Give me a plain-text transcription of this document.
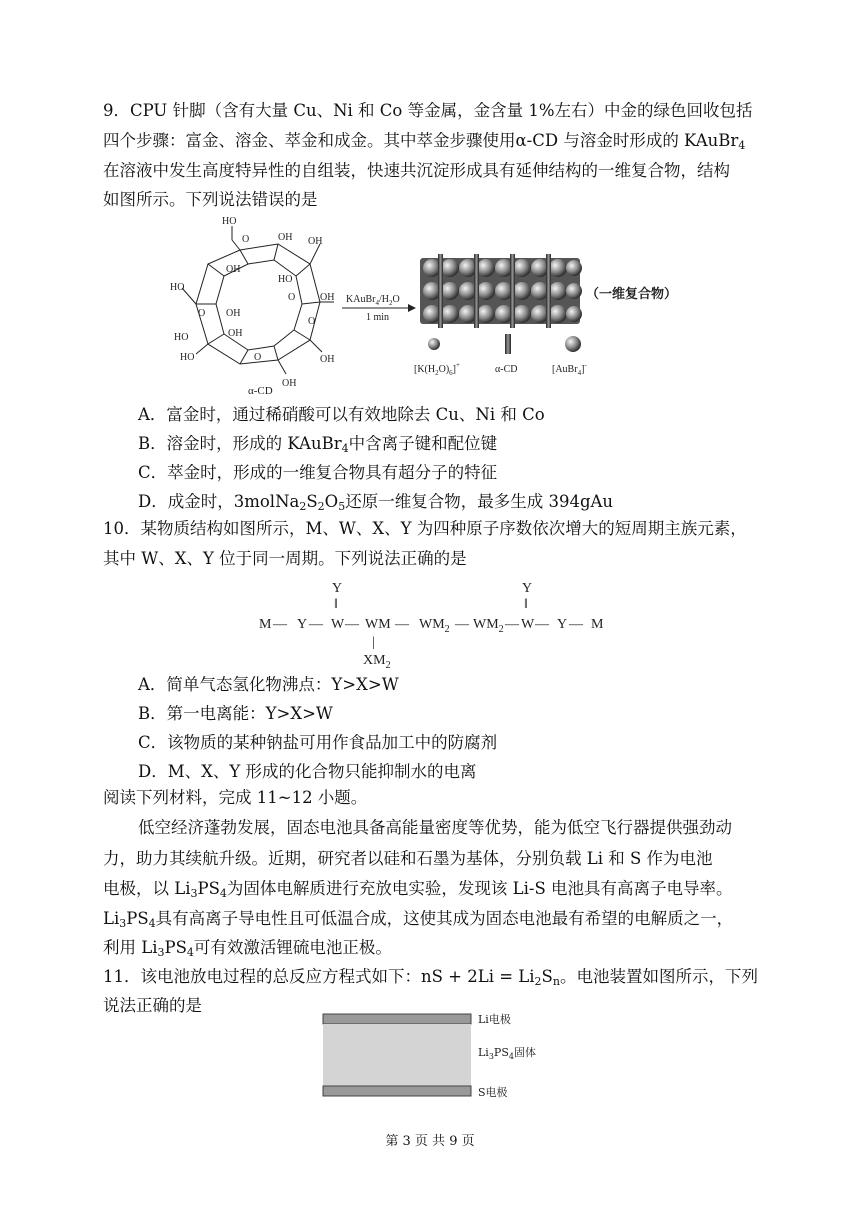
9．CPU 针脚（含有大量 Cu、Ni 和 Co 等金属，金含量 1%左右）中金的绿色回收包括
四个步骤：富金、溶金、萃金和成金。其中萃金步骤使用α-CD 与溶金时形成的 KAuBr$_4$
在溶液中发生高度特异性的自组装，快速共沉淀形成具有延伸结构的一维复合物，结构
如图所示。下列说法错误的是
HO
OH
O	OH
OH
HO
O
O
OH
OH
HO
HO
HO
OH
OH
O
O
OH
α-CD
$KAuBr_4/H_2O$
1 min
（一维复合物）
$[K(H_2O)_6]^+$	α-CD	[AuBr$_4$]-
A．富金时，通过稀硝酸可以有效地除去 Cu、Ni 和 Co
B．溶金时，形成的 KAuBr$_4$中含离子键和配位键
C．萃金时，形成的一维复合物具有超分子的特征
D．成金时，$3molNa_2S_2O_5$还原一维复合物，最多生成 394gAu
10．某物质结构如图所示，M、W、X、Y 为四种原子序数依次增大的短周期主族元素，
其中 W、X、Y 位于同一周期。下列说法正确的是
Y
‖
Y
‖
M — Y — W — WM — $WM_2$ — $WM_2$ — W — Y — M
|
$XM_2$
A．简单气态氢化物沸点：Y>X>W
B．第一电离能：Y>X>W
C．该物质的某种钠盐可用作食品加工中的防腐剂
D．M、X、Y 形成的化合物只能抑制水的电离
阅读下列材料，完成 11~12 小题。
低空经济蓬勃发展，固态电池具备高能量密度等优势，能为低空飞行器提供强劲动
力，助力其续航升级。近期，研究者以硅和石墨为基体，分别负载 Li 和 S 作为电池
电极，以 $Li_3PS_4$为固体电解质进行充放电实验，发现该 Li-S 电池具有高离子电导率。
$Li_3PS_4$具有高离子导电性且可低温合成，这使其成为固态电池最有希望的电解质之一，
利用 $Li_3PS_4$可有效激活锂硫电池正极。
11．该电池放电过程的总反应方程式如下：nS + $2Li = Li_2S_n$。电池装置如图所示，下列
说法正确的是
Li电极
$Li_3PS_4$固体
S电极
第 3 页 共 9 页
